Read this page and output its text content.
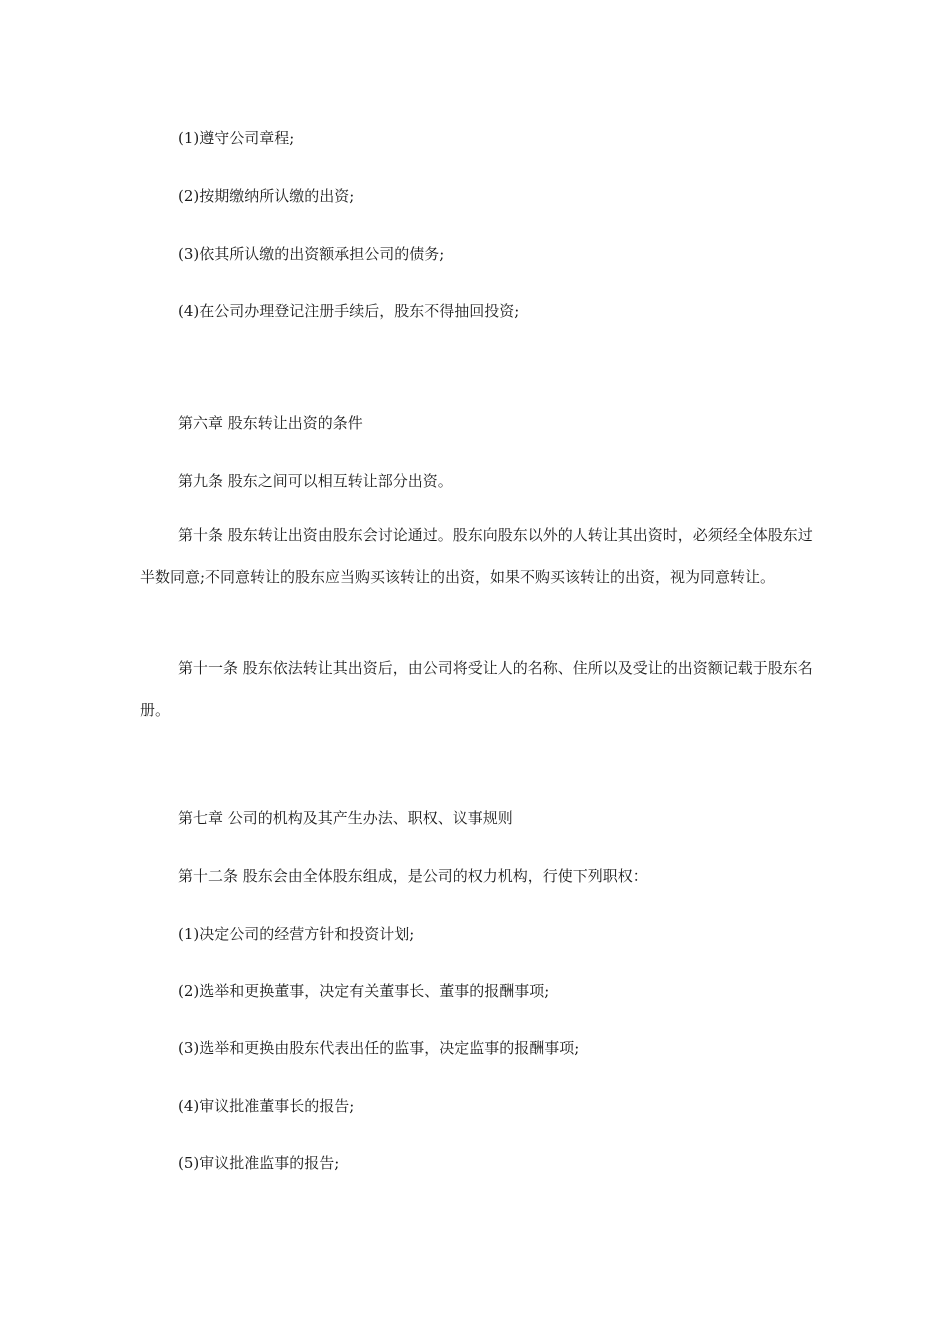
(1)遵守公司章程;
(2)按期缴纳所认缴的出资;
(3)依其所认缴的出资额承担公司的债务;
(4)在公司办理登记注册手续后，股东不得抽回投资;
第六章 股东转让出资的条件
第九条 股东之间可以相互转让部分出资。

第十条 股东转让出资由股东会讨论通过。股东向股东以外的人转让其出资时，必须经全体股东过半数同意;不同意转让的股东应当购买该转让的出资，如果不购买该转让的出资，视为同意转让。

第十一条 股东依法转让其出资后，由公司将受让人的名称、住所以及受让的出资额记载于股东名册。

第七章 公司的机构及其产生办法、职权、议事规则
第十二条 股东会由全体股东组成，是公司的权力机构，行使下列职权：
(1)决定公司的经营方针和投资计划;
(2)选举和更换董事，决定有关董事长、董事的报酬事项;
(3)选举和更换由股东代表出任的监事，决定监事的报酬事项;
(4)审议批准董事长的报告;
(5)审议批准监事的报告;
